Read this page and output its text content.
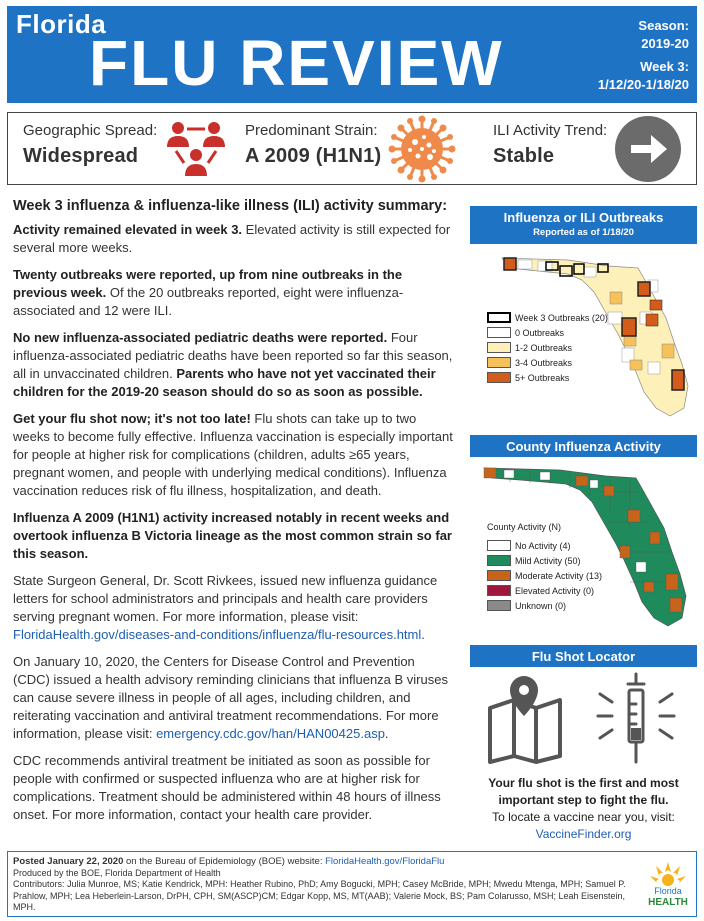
Florida
FLU REVIEW
Season:
2019-20
Week 3:
1/12/20-1/18/20
Geographic Spread:
Widespread
Predominant Strain:
A 2009 (H1N1)
ILI Activity Trend:
Stable
Week 3 influenza & influenza-like illness (ILI) activity summary:

Activity remained elevated in week 3. Elevated activity is still expected for several more weeks.

Twenty outbreaks were reported, up from nine outbreaks in the previous week. Of the 20 outbreaks reported, eight were influenza-associated and 12 were ILI.

No new influenza-associated pediatric deaths were reported. Four influenza-associated pediatric deaths have been reported so far this season, all in unvaccinated children. Parents who have not yet vaccinated their children for the 2019-20 season should do so as soon as possible.

Get your flu shot now; it's not too late! Flu shots can take up to two weeks to become fully effective. Influenza vaccination is especially important for people at higher risk for complications (children, adults ≥65 years, pregnant women, and people with underlying medical conditions). Influenza vaccination reduces risk of flu illness, hospitalization, and death.

Influenza A 2009 (H1N1) activity increased notably in recent weeks and overtook influenza B Victoria lineage as the most common strain so far this season.

State Surgeon General, Dr. Scott Rivkees, issued new influenza guidance letters for school administrators and principals and health care providers serving pregnant women. For more information, please visit: FloridaHealth.gov/diseases-and-conditions/influenza/flu-resources.html.

On January 10, 2020, the Centers for Disease Control and Prevention (CDC) issued a health advisory reminding clinicians that influenza B viruses can cause severe illness in people of all ages, including children, and reiterating vaccination and antiviral treatment recommendations. For more information, please visit: emergency.cdc.gov/han/HAN00425.asp.

CDC recommends antiviral treatment be initiated as soon as possible for people with confirmed or suspected influenza who are at higher risk for complications. Treatment should be administered within 48 hours of illness onset. For more information, contact your health care provider.

Influenza or ILI Outbreaks
Reported as of 1/18/20
Week 3 Outbreaks (20)
0 Outbreaks
1-2 Outbreaks
3-4 Outbreaks
5+ Outbreaks
County Influenza Activity
County Activity (N)
No Activity (4)
Mild Activity (50)
Moderate Activity (13)
Elevated Activity (0)
Unknown (0)
Flu Shot Locator
Your flu shot is the first and most important step to fight the flu.
To locate a vaccine near you, visit:
VaccineFinder.org
Posted January 22, 2020 on the Bureau of Epidemiology (BOE) website: FloridaHealth.gov/FloridaFlu
Produced by the BOE, Florida Department of Health
Contributors: Julia Munroe, MS; Katie Kendrick, MPH: Heather Rubino, PhD; Amy Bogucki, MPH; Casey McBride, MPH; Mwedu Mtenga, MPH; Samuel P. Prahlow, MPH; Lea Heberlein-Larson, DrPH, CPH, SM(ASCP)CM; Edgar Kopp, MS, MT(AAB); Valerie Mock, BS; Pam Colarusso, MSH; Leah Eisenstein, MPH.
Florida
HEALTH
